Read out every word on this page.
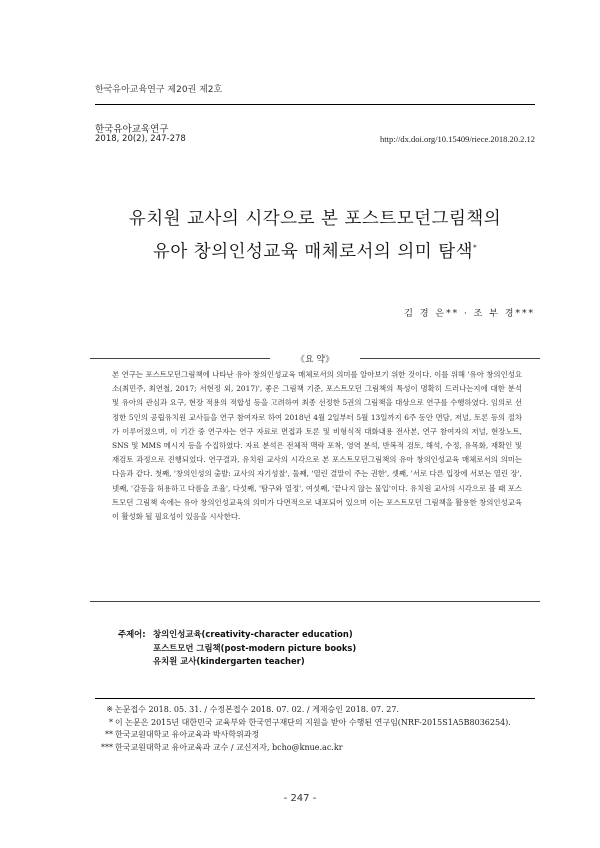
한국유아교육연구 제20권 제2호
한국유아교육연구
2018, 20(2), 247-278	http://dx.doi.org/10.15409/riece.2018.20.2.12
유치원 교사의 시각으로 본 포스트모던그림책의
유아 창의인성교육 매체로서의 의미 탐색*
김 경 은** · 조 부 경***
《요 약》
본 연구는 포스트모던그림책에 나타난 유아 창의인성교육 매체로서의 의미를 알아보기 위한 것이다. 이를 위해 '유아 창의인성요소(최민주, 최연철, 2017; 서현정 외, 2017)', 좋은 그림책 기준, 포스트모던 그림책의 특성이 명확히 드러나는지에 대한 분석 및 유아의 관심과 요구, 현장 적용의 적합성 등을 고려하여 최종 선정한 5권의 그림책을 대상으로 연구를 수행하였다. 임의로 선정한 5인의 공립유치원 교사들을 연구 참여자로 하여 2018년 4월 2일부터 5월 13일까지 6주 동안 면담, 저널, 토론 등의 절차가 이루어졌으며, 이 기간 중 연구자는 연구 자료로 면접과 토론 및 비형식적 대화내용 전사본, 연구 참여자의 저널, 현장노트, SNS 및 MMS 메시지 등을 수집하였다. 자료 분석은 전체적 맥락 포착, 영역 분석, 반복적 검토, 해석, 수정, 유목화, 재확인 및 재검토 과정으로 진행되었다. 연구결과, 유치원 교사의 시각으로 본 포스트모던그림책의 유아 창의인성교육 매체로서의 의미는 다음과 같다. 첫째, '창의인성의 출발: 교사의 자기성찰', 둘째, '열린 결말이 주는 권한', 셋째, '서로 다른 입장에 서보는 열린 장', 넷째, '갈등을 허용하고 다름을 조율', 다섯째, '탐구와 열정', 여섯째, '끝나지 않는 물입'이다. 유치원 교사의 시각으로 볼 때 포스트모던 그림책 속에는 유아 창의인성교육의 의미가 다면적으로 내포되어 있으며 이는 포스트모던 그림책을 활용한 창의인성교육이 활성화 될 필요성이 있음을 시사한다.
주제어: 창의인성교육(creativity-character education)
포스트모던 그림책(post-modern picture books)
유치원 교사(kindergarten teacher)
※ 논문접수 2018. 05. 31. / 수정본접수 2018. 07. 02. / 게재승인 2018. 07. 27.
* 이 논문은 2015년 대한민국 교육부와 한국연구재단의 지원을 받아 수행된 연구임(NRF-2015S1A5B8036254).
** 한국교원대학교 유아교육과 박사학위과정
*** 한국교원대학교 유아교육과 교수 / 교신저자, bcho@knue.ac.kr
- 247 -
